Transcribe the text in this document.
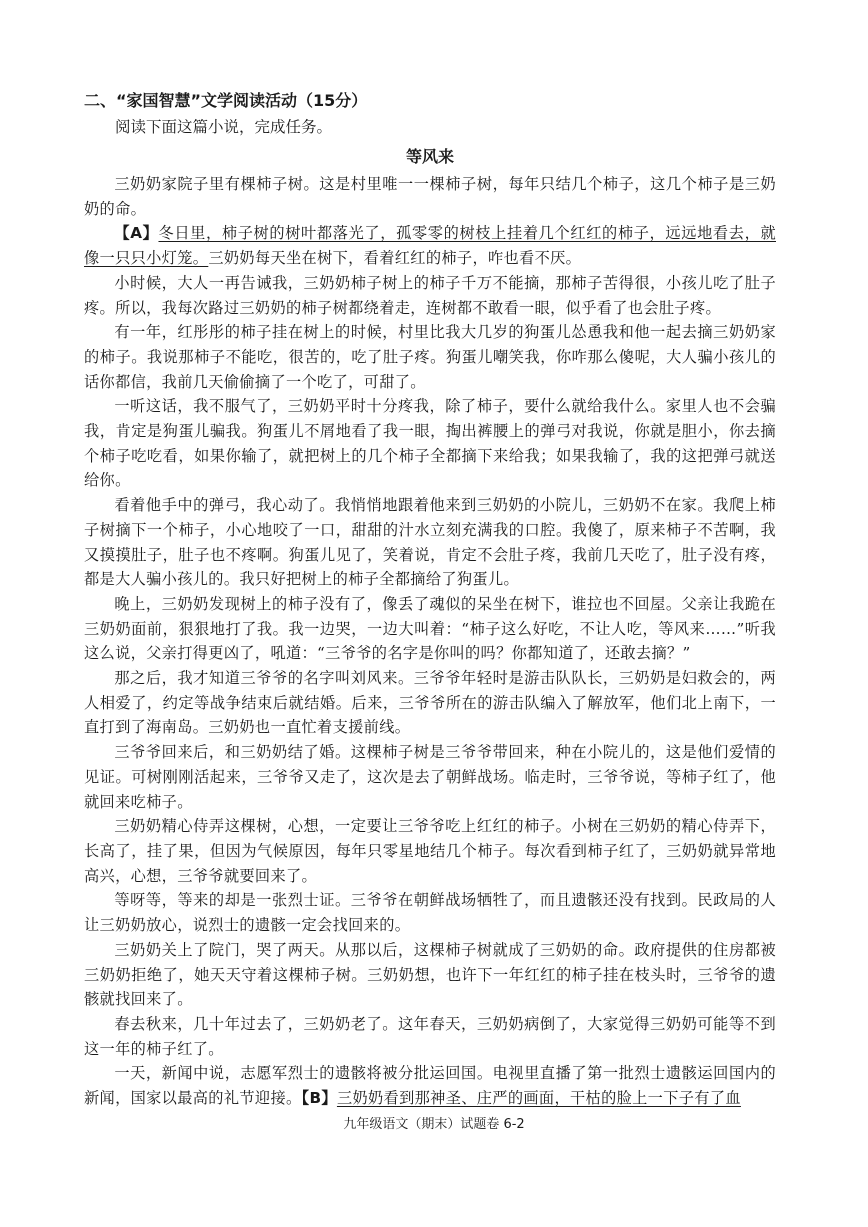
二、“家国智慧”文学阅读活动（15分）

阅读下面这篇小说，完成任务。

等风来

三奶奶家院子里有棵柿子树。这是村里唯一一棵柿子树，每年只结几个柿子，这几个柿子是三奶奶的命。

【A】冬日里，柿子树的树叶都落光了，孤零零的树枝上挂着几个红红的柿子，远远地看去，就像一只只小灯笼。三奶奶每天坐在树下，看着红红的柿子，咋也看不厌。

小时候，大人一再告诫我，三奶奶柿子树上的柿子千万不能摘，那柿子苦得很，小孩儿吃了肚子疼。所以，我每次路过三奶奶的柿子树都绕着走，连树都不敢看一眼，似乎看了也会肚子疼。

有一年，红彤彤的柿子挂在树上的时候，村里比我大几岁的狗蛋儿怂恿我和他一起去摘三奶奶家的柿子。我说那柿子不能吃，很苦的，吃了肚子疼。狗蛋儿嘲笑我，你咋那么傻呢，大人骗小孩儿的话你都信，我前几天偷偷摘了一个吃了，可甜了。

一听这话，我不服气了，三奶奶平时十分疼我，除了柿子，要什么就给我什么。家里人也不会骗我，肯定是狗蛋儿骗我。狗蛋儿不屑地看了我一眼，掏出裤腰上的弹弓对我说，你就是胆小，你去摘个柿子吃吃看，如果你输了，就把树上的几个柿子全都摘下来给我；如果我输了，我的这把弹弓就送给你。

看着他手中的弹弓，我心动了。我悄悄地跟着他来到三奶奶的小院儿，三奶奶不在家。我爬上柿子树摘下一个柿子，小心地咬了一口，甜甜的汁水立刻充满我的口腔。我傻了，原来柿子不苦啊，我又摸摸肚子，肚子也不疼啊。狗蛋儿见了，笑着说，肯定不会肚子疼，我前几天吃了，肚子没有疼，都是大人骗小孩儿的。我只好把树上的柿子全都摘给了狗蛋儿。

晚上，三奶奶发现树上的柿子没有了，像丢了魂似的呆坐在树下，谁拉也不回屋。父亲让我跪在三奶奶面前，狠狠地打了我。我一边哭，一边大叫着：“柿子这么好吃，不让人吃，等风来……”听我这么说，父亲打得更凶了，吼道：“三爷爷的名字是你叫的吗？你都知道了，还敢去摘？”

那之后，我才知道三爷爷的名字叫刘风来。三爷爷年轻时是游击队队长，三奶奶是妇救会的，两人相爱了，约定等战争结束后就结婚。后来，三爷爷所在的游击队编入了解放军，他们北上南下，一直打到了海南岛。三奶奶也一直忙着支援前线。

三爷爷回来后，和三奶奶结了婚。这棵柿子树是三爷爷带回来，种在小院儿的，这是他们爱情的见证。可树刚刚活起来，三爷爷又走了，这次是去了朝鲜战场。临走时，三爷爷说，等柿子红了，他就回来吃柿子。

三奶奶精心侍弄这棵树，心想，一定要让三爷爷吃上红红的柿子。小树在三奶奶的精心侍弄下，长高了，挂了果，但因为气候原因，每年只零星地结几个柿子。每次看到柿子红了，三奶奶就异常地高兴，心想，三爷爷就要回来了。

等呀等，等来的却是一张烈士证。三爷爷在朝鲜战场牺牲了，而且遗骸还没有找到。民政局的人让三奶奶放心，说烈士的遗骸一定会找回来的。

三奶奶关上了院门，哭了两天。从那以后，这棵柿子树就成了三奶奶的命。政府提供的住房都被三奶奶拒绝了，她天天守着这棵柿子树。三奶奶想，也许下一年红红的柿子挂在枝头时，三爷爷的遗骸就找回来了。

春去秋来，几十年过去了，三奶奶老了。这年春天，三奶奶病倒了，大家觉得三奶奶可能等不到这一年的柿子红了。

一天，新闻中说，志愿军烈士的遗骸将被分批运回国。电视里直播了第一批烈士遗骸运回国内的新闻，国家以最高的礼节迎接。【B】三奶奶看到那神圣、庄严的画面，干枯的脸上一下子有了血

九年级语文（期末）试题卷 6-2
